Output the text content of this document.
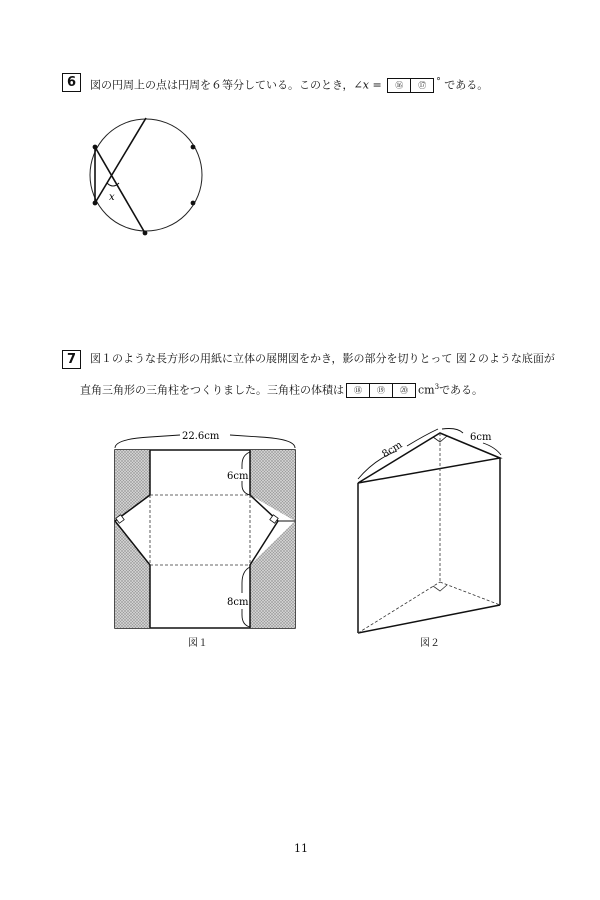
6	図の円周上の点は円周を６等分している。このとき，∠x =	⑯	⑰	° である。
x
7	図１のような長方形の用紙に立体の展開図をかき，影の部分を切りとって 図２のような底面が
直角三角形の三角柱をつくりました。三角柱の体積は	⑱	⑲	⑳ $cm^3$である。
22.6cm
6cm
8cm
図１
8cm
6cm
図２
11
